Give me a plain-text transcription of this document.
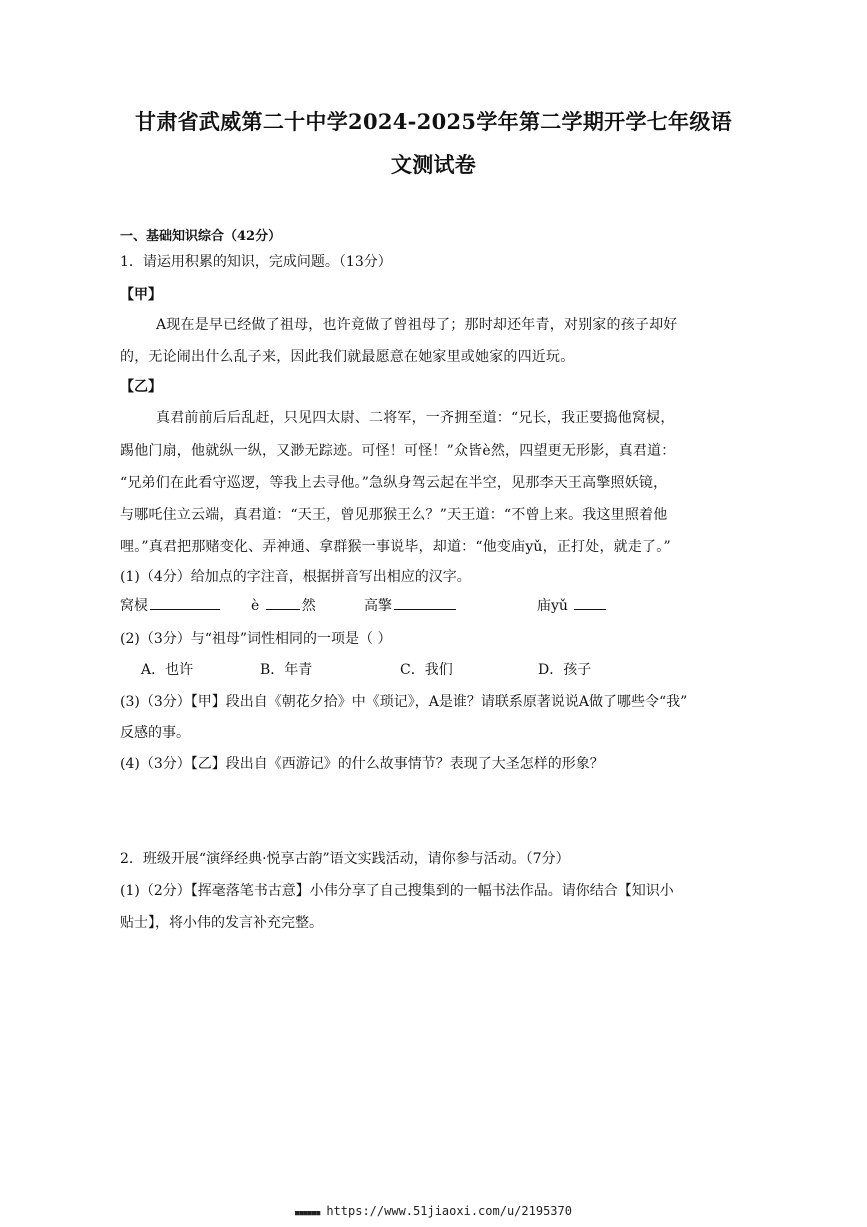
甘肃省武威第二十中学2024-2025学年第二学期开学七年级语
文测试卷
一、基础知识综合（42分）
1．请运用积累的知识，完成问题。（13分）
【甲】
A现在是早已经做了祖母，也许竟做了曾祖母了；那时却还年青，对别家的孩子却好
的，无论闹出什么乱子来，因此我们就最愿意在她家里或她家的四近玩。
【乙】
真君前前后后乱赶，只见四太尉、二将军，一齐拥至道：“兄长，我正要捣他窝棂，
踢他门扇，他就纵一纵，又渺无踪迹。可怪！可怪！”众皆è然，四望更无形影，真君道：
“兄弟们在此看守巡逻，等我上去寻他。”急纵身驾云起在半空，见那李天王高擎照妖镜，
与哪吒住立云端，真君道：“天王，曾见那猴王么？”天王道：“不曾上来。我这里照着他
哩。”真君把那赌变化、弄神通、拿群猴一事说毕，却道：“他变庙yǔ，正打处，就走了。”
(1)（4分）给加点的字注音，根据拼音写出相应的汉字。
窝棂	è	然	高擎	庙yǔ
(2)（3分）与“祖母”词性相同的一项是（ ）
A．也许	B．年青	C．我们	D．孩子
(3)（3分）【甲】段出自《朝花夕拾》中《琐记》，A是谁？请联系原著说说A做了哪些令“我”
反感的事。
(4)（3分）【乙】段出自《西游记》的什么故事情节？表现了大圣怎样的形象？
2．班级开展“演绎经典·悦享古韵”语文实践活动，请你参与活动。（7分）
(1)（2分）【挥毫落笔书古意】小伟分享了自己搜集到的一幅书法作品。请你结合【知识小
贴士】，将小伟的发言补充完整。
■■■■■■ https://www.51jiaoxi.com/u/2195370
